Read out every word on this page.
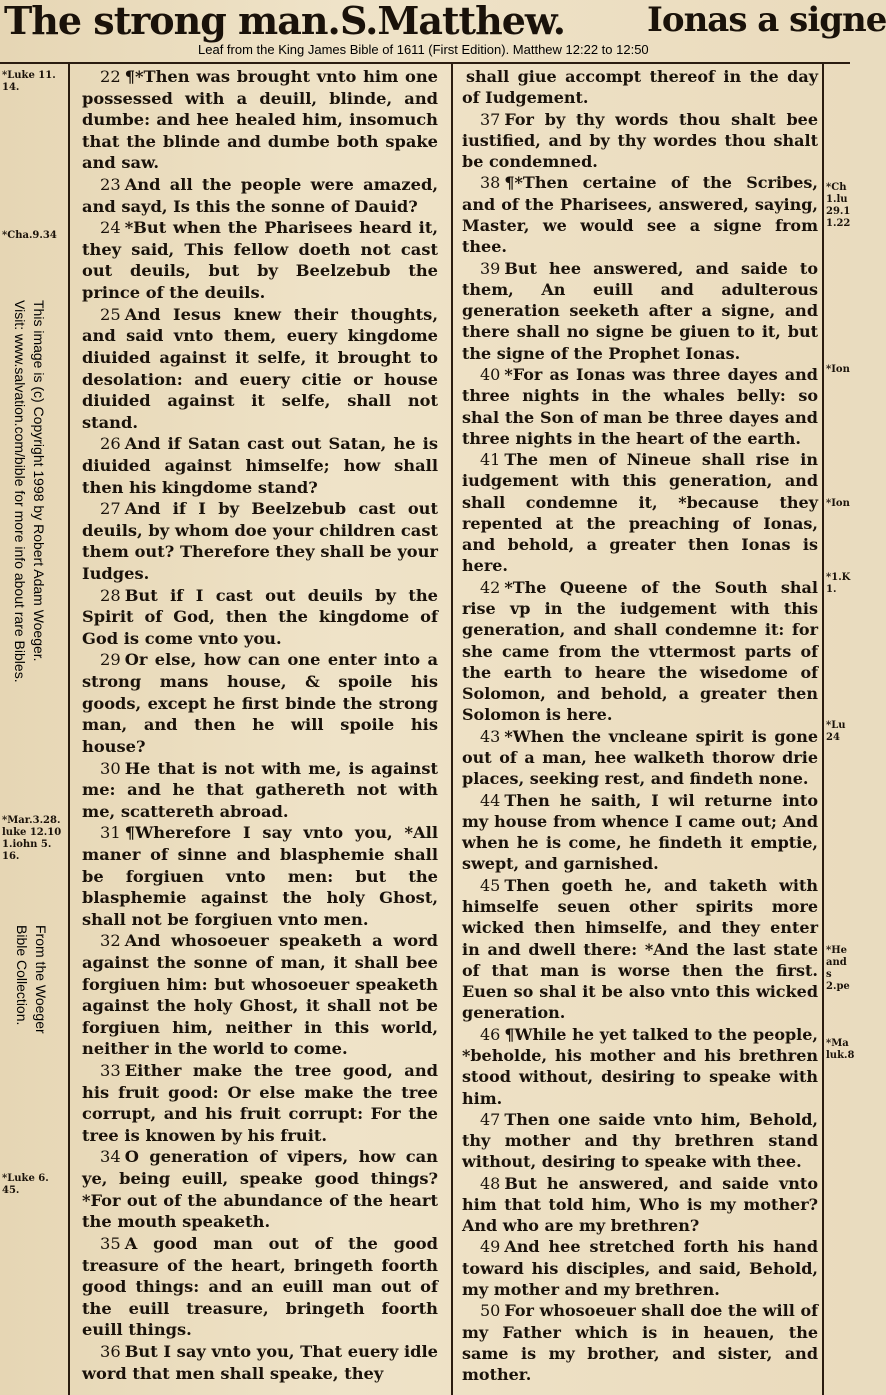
The strong man. S.Matthew. Ionas a signe
Leaf from the King James Bible of 1611 (First Edition). Matthew 12:22 to 12:50

22 ¶*Then was brought vnto him one possessed with a deuill, blinde, and dumbe: and hee healed him, insomuch that the blinde and dumbe both spake and saw.

23 And all the people were amazed, and sayd, Is this the sonne of Dauid?

24 *But when the Pharisees heard it, they said, This fellow doeth not cast out deuils, but by Beelzebub the prince of the deuils.

25 And Iesus knew their thoughts, and said vnto them, euery kingdome diuided against it selfe, it brought to desolation: and euery citie or house diuided against it selfe, shall not stand.

26 And if Satan cast out Satan, he is diuided against himselfe; how shall then his kingdome stand?

27 And if I by Beelzebub cast out deuils, by whom doe your children cast them out? Therefore they shall be your Iudges.

28 But if I cast out deuils by the Spirit of God, then the kingdome of God is come vnto you.

29 Or else, how can one enter into a strong mans house, & spoile his goods, except he first binde the strong man, and then he will spoile his house?

30 He that is not with me, is against me: and he that gathereth not with me, scattereth abroad.

31 ¶Wherefore I say vnto you, *All maner of sinne and blasphemie shall be forgiuen vnto men: but the blasphemie against the holy Ghost, shall not be forgiuen vnto men.

32 And whosoeuer speaketh a word against the sonne of man, it shall bee forgiuen him: but whosoeuer speaketh against the holy Ghost, it shall not be forgiuen him, neither in this world, neither in the world to come.

33 Either make the tree good, and his fruit good: Or else make the tree corrupt, and his fruit corrupt: For the tree is knowen by his fruit.

34 O generation of vipers, how can ye, being euill, speake good things? *For out of the abundance of the heart the mouth speaketh.

35 A good man out of the good treasure of the heart, bringeth foorth good things: and an euill man out of the euill treasure, bringeth foorth euill things.

36 But I say vnto you, That euery idle word that men shall speake, they

shall giue accompt thereof in the day of Iudgement.

37 For by thy words thou shalt bee iustified, and by thy wordes thou shalt be condemned.

38 ¶*Then certaine of the Scribes, and of the Pharisees, answered, saying, Master, we would see a signe from thee.

39 But hee answered, and saide to them, An euill and adulterous generation seeketh after a signe, and there shall no signe be giuen to it, but the signe of the Prophet Ionas.

40 *For as Ionas was three dayes and three nights in the whales belly: so shal the Son of man be three dayes and three nights in the heart of the earth.

41 The men of Nineue shall rise in iudgement with this generation, and shall condemne it, *because they repented at the preaching of Ionas, and behold, a greater then Ionas is here.

42 *The Queene of the South shal rise vp in the iudgement with this generation, and shall condemne it: for she came from the vttermost parts of the earth to heare the wisedome of Solomon, and behold, a greater then Solomon is here.

43 *When the vncleane spirit is gone out of a man, hee walketh thorow drie places, seeking rest, and findeth none.

44 Then he saith, I wil returne into my house from whence I came out; And when he is come, he findeth it emptie, swept, and garnished.

45 Then goeth he, and taketh with himselfe seuen other spirits more wicked then himselfe, and they enter in and dwell there: *And the last state of that man is worse then the first. Euen so shal it be also vnto this wicked generation.

46 ¶While he yet talked to the people, *beholde, his mother and his brethren stood without, desiring to speake with him.

47 Then one saide vnto him, Behold, thy mother and thy brethren stand without, desiring to speake with thee.

48 But he answered, and saide vnto him that told him, Who is my mother? And who are my brethren?

49 And hee stretched forth his hand toward his disciples, and said, Behold, my mother and my brethren.

50 For whosoeuer shall doe the will of my Father which is in heauen, the same is my brother, and sister, and mother.

*Luke 11.
14.
*Cha.9.34
*Mar.3.28.
luke 12.10
1.iohn 5.
16.
*Luke 6.
45.
*Ch
1.lu
29.1
1.22
*Ion
*Ion
*1.K
1.
*Lu
24
*He
and s
2.pe
*Ma
luk.8
This image is (c) Copyright 1998 by Robert Adam Woeger.
Visit: www.salvation.com/bible for more info about rare Bibles.
From the Woeger
Bible Collection.
